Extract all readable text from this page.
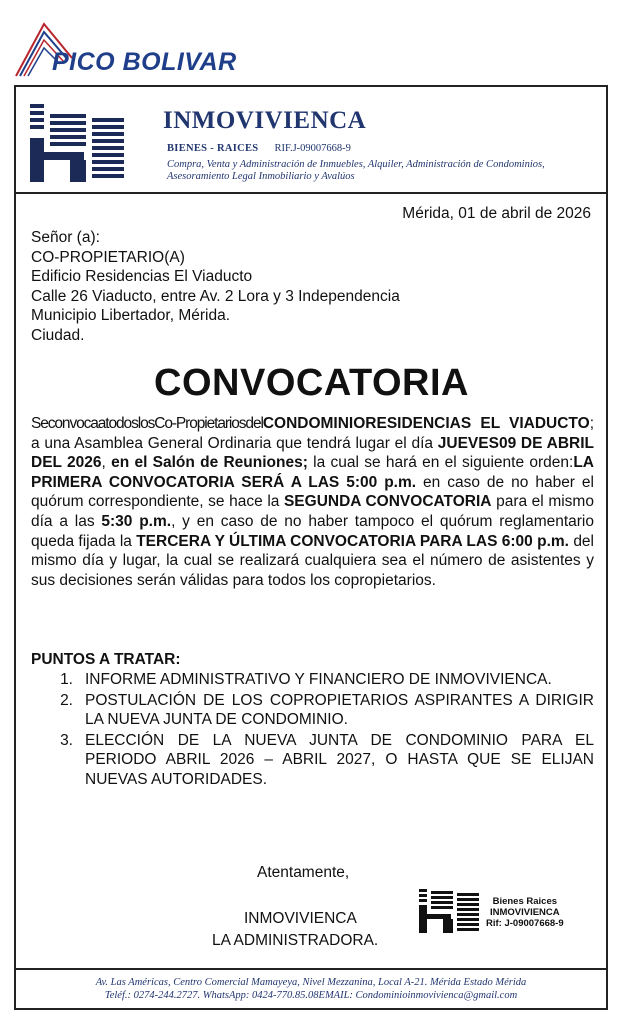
PICO BOLIVAR
INMOVIVIENCA
BIENES - RAICES RIF.J-09007668-9
Compra, Venta y Administración de Inmuebles, Alquiler, Administración de Condominios,
Asesoramiento Legal Inmobiliario y Avalúos
Mérida, 01 de abril de 2026
Señor (a):
CO-PROPIETARIO(A)
Edificio Residencias El Viaducto
Calle 26 Viaducto, entre Av. 2 Lora y 3 Independencia
Municipio Libertador, Mérida.
Ciudad.
CONVOCATORIA
Seconvocaatodos​losCo-PropietariosdelCONDOMINIORESIDENCIAS EL VIADUCTO; a una Asamblea General Ordinaria que tendrá lugar el día JUEVES09 DE ABRIL DEL 2026, en el Salón de Reuniones; la cual se hará en el siguiente orden:LA PRIMERA CONVOCATORIA SERÁ A LAS 5:00 p.m. en caso de no haber el quórum correspondiente, se hace la SEGUNDA CONVOCATORIA para el mismo día a las 5:30 p.m., y en caso de no haber tampoco el quórum reglamentario queda fijada la TERCERA Y ÚLTIMA CONVOCATORIA PARA LAS 6:00 p.m. del mismo día y lugar, la cual se realizará cualquiera sea el número de asistentes y sus decisiones serán válidas para todos los copropietarios.
PUNTOS A TRATAR:
1. INFORME ADMINISTRATIVO Y FINANCIERO DE INMOVIVIENCA.
2. POSTULACIÓN DE LOS COPROPIETARIOS ASPIRANTES A DIRIGIR LA NUEVA JUNTA DE CONDOMINIO.
3. ELECCIÓN DE LA NUEVA JUNTA DE CONDOMINIO PARA EL PERIODO ABRIL 2026 – ABRIL 2027, O HASTA QUE SE ELIJAN NUEVAS AUTORIDADES.
Atentamente,
INMOVIVIENCA
LA ADMINISTRADORA.
Bienes Raices
INMOVIVIENCA
Rif: J-09007668-9
Av. Las Américas, Centro Comercial Mamayeya, Nivel Mezzanina, Local A-21. Mérida Estado Mérida
Teléf.: 0274-244.2727. WhatsApp: 0424-770.85.08EMAIL: Condominioinmovivienca@gmail.com
